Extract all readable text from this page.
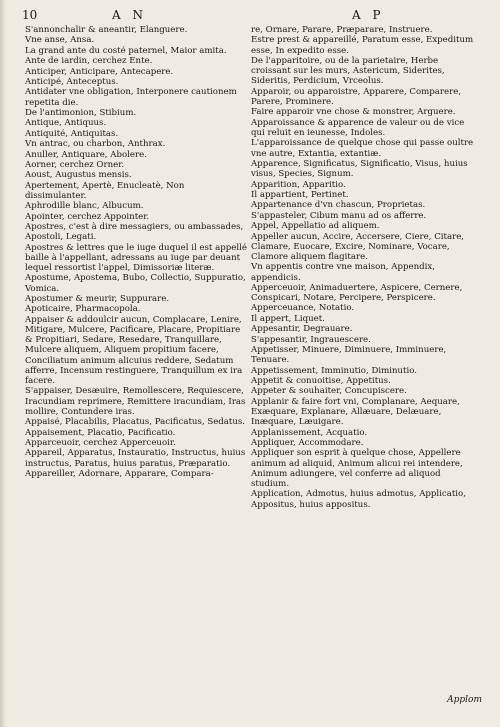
10	A N	A P
S'annonchalir & aneantir, Elanguere.
Vne anse, Ansa.
La grand ante du costé paternel, Maior amita.
Ante de iardin, cerchez Ente.
Anticiper, Anticipare, Antecapere.
Anticipé, Anteceptus.
Antidater vne obligation, Interponere cautionem repetita die.
De l'antimonion, Stibium.
Antique, Antiquus.
Antiquité, Antiquitas.
Vn antrac, ou charbon, Anthrax.
Anuller, Antiquare, Abolere.
Aorner, cerchez Orner.
Aoust, Augustus mensis.
Apertement, Apertè, Enucleatè, Non dissimulanter.
Aphrodille blanc, Albucum.
Apointer, cerchez Appointer.
Apostres, c'est à dire messagiers, ou ambassades, Apostoli, Legati.
Apostres & lettres que le iuge duquel il est appellé baille à l'appellant, adressans au iuge par deuant lequel ressortist l'appel, Dimissoriæ literæ.
Apostume, Apostema, Bubo, Collectio, Suppuratio, Vomica.
Apostumer & meurir, Suppurare.
Apoticaire, Pharmacopola.
Appaiser & addoulcir aucun, Complacare, Lenire, Mitigare, Mulcere, Pacificare, Placare, Propitiare & Propitiari, Sedare, Resedare, Tranquillare, Mulcere aliquem, Aliquem propitium facere, Conciliatum animum alicuius reddere, Sedatum afferre, Incensum restinguere, Tranquillum ex ira facere.
S'appaiser, Desæuire, Remollescere, Requiescere, Iracundiam reprimere, Remittere iracundiam, Iras mollire, Contundere iras.
Appaisé, Placabilis, Placatus, Pacificatus, Sedatus.
Appaisement, Placatio, Pacificatio.
Apparceuoir, cerchez Apperceuoir.
Appareil, Apparatus, Instauratio, Instructus, huius instructus, Paratus, huius paratus, Præparatio.
Appareiller, Adornare, Apparare, Compara-
re, Ornare, Parare, Præparare, Instruere.
Estre prest & appareillé, Paratum esse, Expeditum esse, In expedito esse.
De l'apparitoire, ou de la parietaire, Herbe croissant sur les murs, Astericum, Siderites, Sideritis, Perdicium, Vrceolus.
Apparoir, ou apparoistre, Apparere, Comparere, Parere, Prominere.
Faire apparoir vne chose & monstrer, Arguere.
Apparoissance & apparence de valeur ou de vice qui reluit en ieunesse, Indoles.
L'apparoissance de quelque chose qui passe oultre vne autre, Extantia, extantiæ.
Apparence, Significatus, Significatio, Visus, huius visus, Species, Signum.
Apparition, Apparitio.
Il appartient, Pertinet.
Appartenance d'vn chascun, Proprietas.
S'appasteler, Cibum manu ad os afferre.
Appel, Appellatio ad aliquem.
Appeller aucun, Accire, Accersere, Ciere, Citare, Clamare, Euocare, Excire, Nominare, Vocare, Clamore aliquem flagitare.
Vn appentis contre vne maison, Appendix, appendicis.
Apperceuoir, Animaduertere, Aspicere, Cernere, Conspicari, Notare, Percipere, Perspicere.
Apperceuance, Notatio.
Il appert, Liquet.
Appesantir, Degrauare.
S'appesantir, Ingrauescere.
Appetisser, Minuere, Diminuere, Imminuere, Tenuare.
Appetissement, Imminutio, Diminutio.
Appetit & conuoitise, Appetitus.
Appeter & souhaiter, Concupiscere.
Applanir & faire fort vni, Complanare, Aequare, Exæquare, Explanare, Allæuare, Delæuare, Inæquare, Læuigare.
Applanissement, Acquatio.
Appliquer, Accommodare.
Appliquer son esprit à quelque chose, Appellere animum ad aliquid, Animum alicui rei intendere, Animum adiungere, vel conferre ad aliquod studium.
Application, Admotus, huius admotus, Applicatio, Appositus, huius appositus.
Applom
